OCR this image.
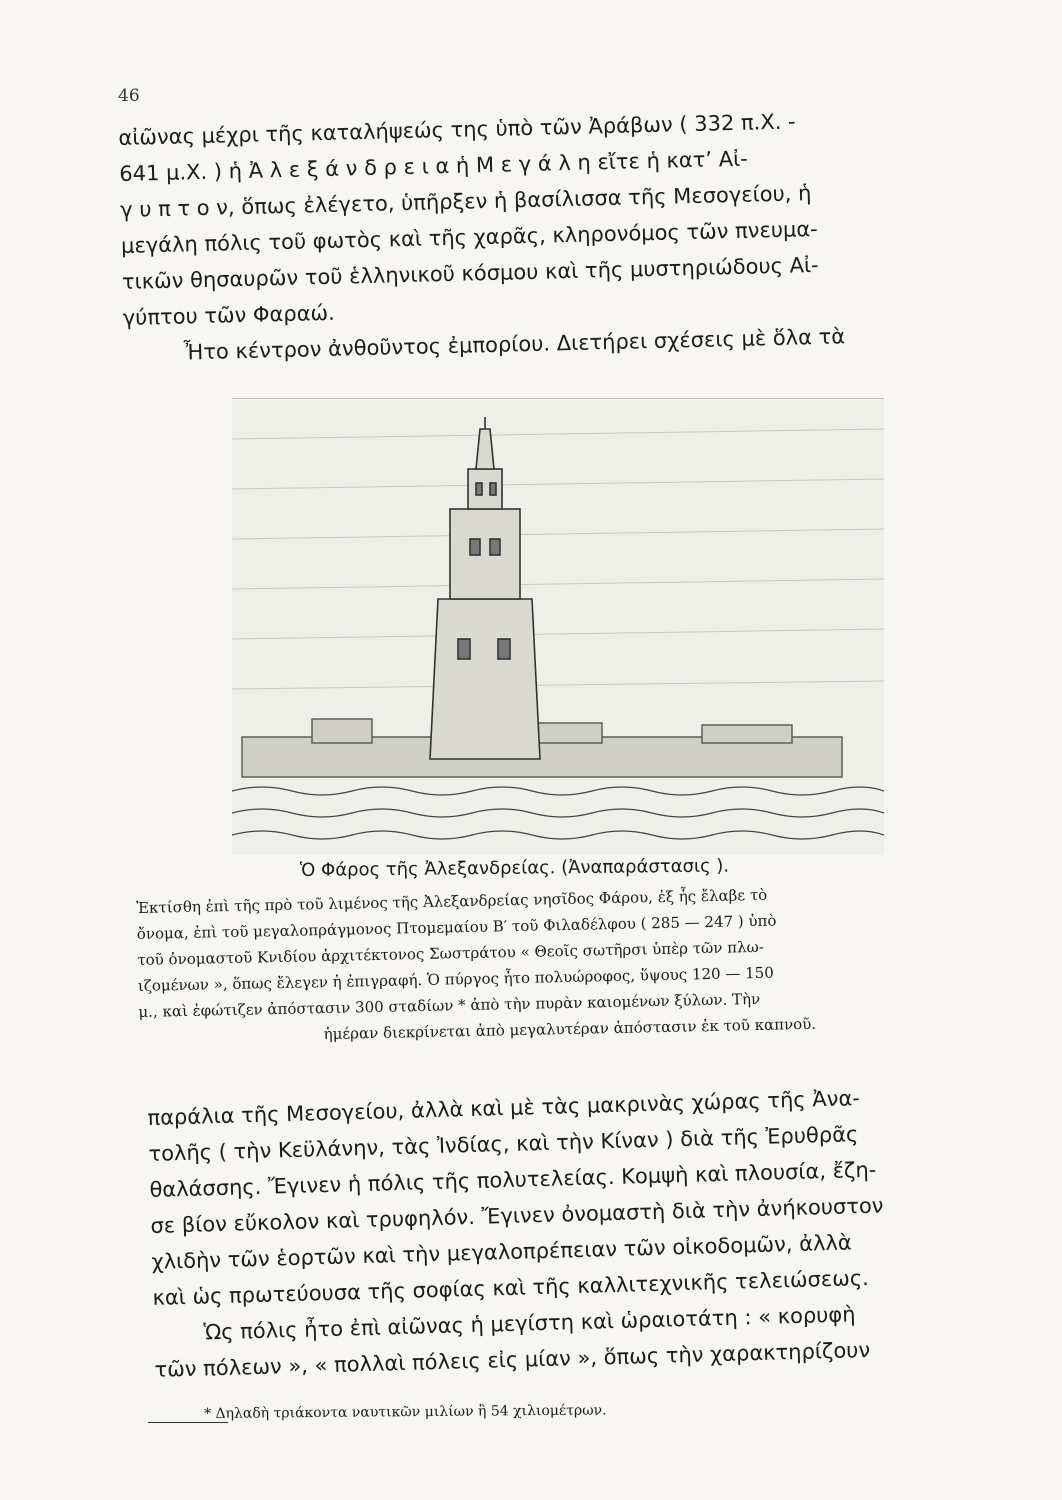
46

αἰῶνας μέχρι τῆς καταλήψεώς της ὑπὸ τῶν Ἀράβων ( 332 π.Χ. -
641 μ.Χ. ) ἡ Ἀ λ ε ξ ά ν δ ρ ε ι α ἡ Μ ε γ ά λ η εἴτε ἡ κατ’ Αἰ-
γ υ π τ ο ν, ὅπως ἐλέγετο, ὑπῆρξεν ἡ βασίλισσα τῆς Μεσογείου, ἡ
μεγάλη πόλις τοῦ φωτὸς καὶ τῆς χαρᾶς, κληρονόμος τῶν πνευμα-
τικῶν θησαυρῶν τοῦ ἑλληνικοῦ κόσμου καὶ τῆς μυστηριώδους Αἰ-
γύπτου τῶν Φαραώ.
Ἦτο κέντρον ἀνθοῦντος ἐμπορίου. Διετήρει σχέσεις μὲ ὅλα τὰ

Ὁ Φάρος τῆς Ἀλεξανδρείας. (Ἀναπαράστασις ).

Ἐκτίσθη ἐπὶ τῆς πρὸ τοῦ λιμένος τῆς Ἀλεξανδρείας νησῖδος Φάρου, ἐξ ἧς ἔλαβε τὸ
ὄνομα, ἐπὶ τοῦ μεγαλοπράγμονος Πτομεμαίου Β′ τοῦ Φιλαδέλφου ( 285 — 247 ) ὑπὸ
τοῦ ὀνομαστοῦ Κνιδίου ἀρχιτέκτονος Σωστράτου « Θεοῖς σωτῆρσι ὑπὲρ τῶν πλω-
ιζομένων », ὅπως ἔλεγεν ἡ ἐπιγραφή. Ὁ πύργος ἦτο πολυώροφος, ὕψους 120 — 150
μ., καὶ ἐφώτιζεν ἀπόστασιν 300 σταδίων * ἀπὸ τὴν πυρὰν καιομένων ξύλων. Τὴν
ἡμέραν διεκρίνεται ἀπὸ μεγαλυτέραν ἀπόστασιν ἐκ τοῦ καπνοῦ.

παράλια τῆς Μεσογείου, ἀλλὰ καὶ μὲ τὰς μακρινὰς χώρας τῆς Ἀνα-
τολῆς ( τὴν Κεϋλάνην, τὰς Ἰνδίας, καὶ τὴν Κίναν ) διὰ τῆς Ἐρυθρᾶς
θαλάσσης. Ἔγινεν ἡ πόλις τῆς πολυτελείας. Κομψὴ καὶ πλουσία, ἔζη-
σε βίον εὔκολον καὶ τρυφηλόν. Ἔγινεν ὀνομαστὴ διὰ τὴν ἀνήκουστον
χλιδὴν τῶν ἑορτῶν καὶ τὴν μεγαλοπρέπειαν τῶν οἰκοδομῶν, ἀλλὰ
καὶ ὡς πρωτεύουσα τῆς σοφίας καὶ τῆς καλλιτεχνικῆς τελειώσεως.
Ὡς πόλις ἦτο ἐπὶ αἰῶνας ἡ μεγίστη καὶ ὡραιοτάτη : « κορυφὴ
τῶν πόλεων », « πολλαὶ πόλεις εἰς μίαν », ὅπως τὴν χαρακτηρίζουν

* Δηλαδὴ τριάκοντα ναυτικῶν μιλίων ἢ 54 χιλιομέτρων.
